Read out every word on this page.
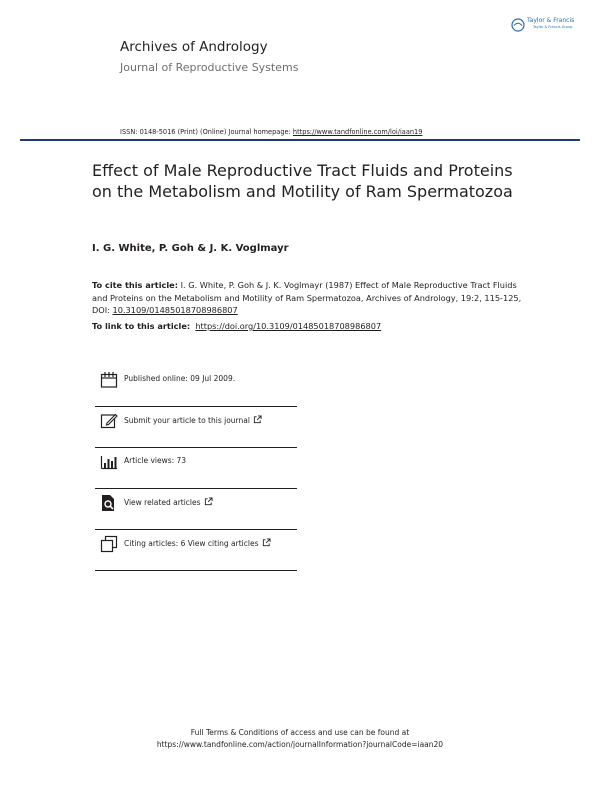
Archives of Andrology
Journal of Reproductive Systems
Taylor & Francis
Taylor & Francis Group
ISSN: 0148-5016 (Print) (Online) Journal homepage: https://www.tandfonline.com/loi/iaan19
Effect of Male Reproductive Tract Fluids and Proteins on the Metabolism and Motility of Ram Spermatozoa
I. G. White, P. Goh & J. K. Voglmayr
To cite this article: I. G. White, P. Goh & J. K. Voglmayr (1987) Effect of Male Reproductive Tract Fluids and Proteins on the Metabolism and Motility of Ram Spermatozoa, Archives of Andrology, 19:2, 115-125, DOI: 10.3109/01485018708986807
To link to this article: https://doi.org/10.3109/01485018708986807
Published online: 09 Jul 2009.
Submit your article to this journal
Article views: 73
View related articles
Citing articles: 6 View citing articles
Full Terms & Conditions of access and use can be found at
https://www.tandfonline.com/action/journalInformation?journalCode=iaan20
